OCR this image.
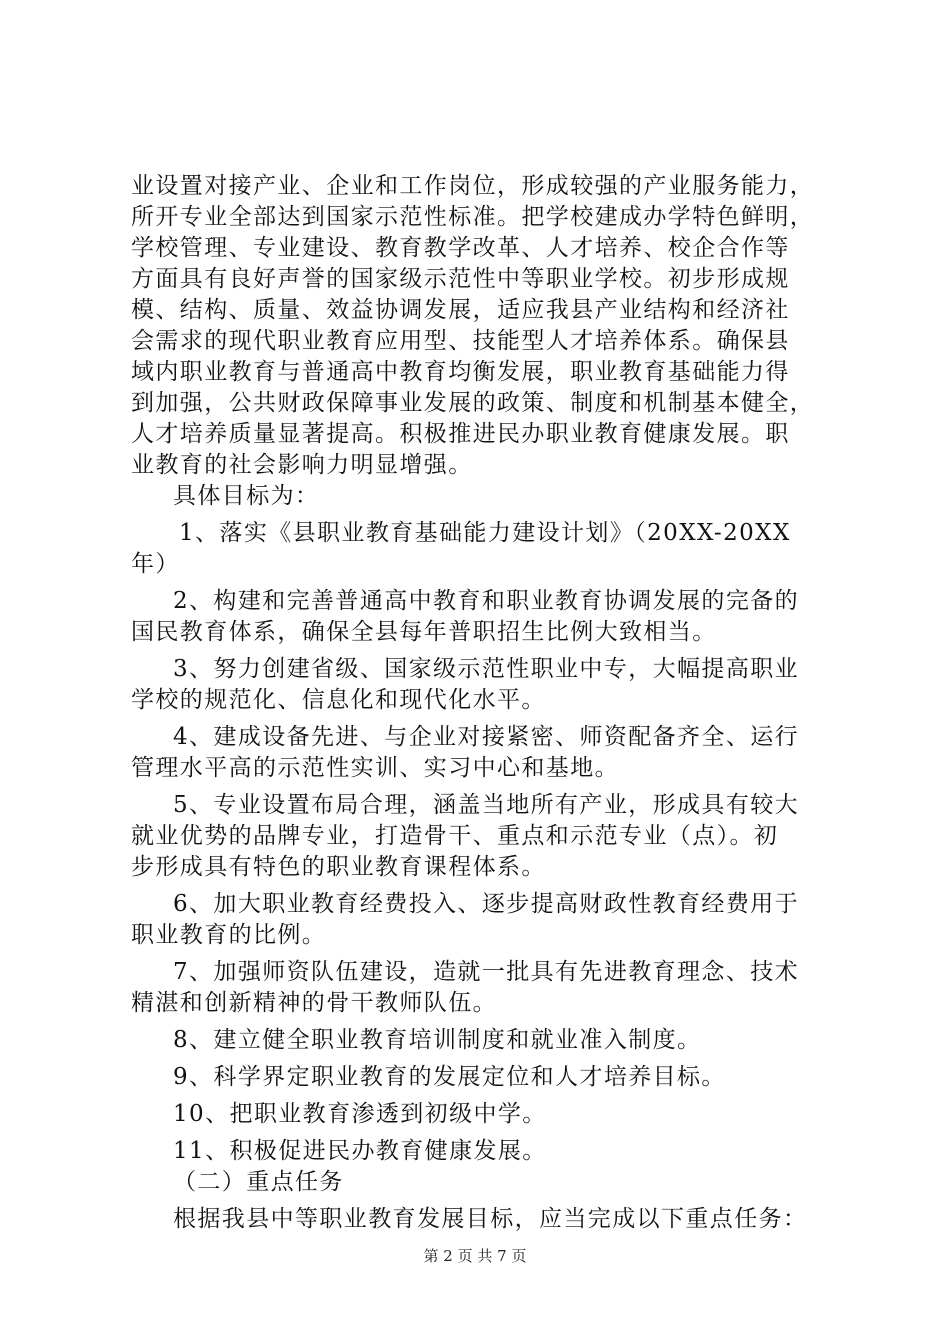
业设置对接产业、企业和工作岗位，形成较强的产业服务能力，
所开专业全部达到国家示范性标准。把学校建成办学特色鲜明，
学校管理、专业建设、教育教学改革、人才培养、校企合作等
方面具有良好声誉的国家级示范性中等职业学校。初步形成规
模、结构、质量、效益协调发展，适应我县产业结构和经济社
会需求的现代职业教育应用型、技能型人才培养体系。确保县
域内职业教育与普通高中教育均衡发展，职业教育基础能力得
到加强，公共财政保障事业发展的政策、制度和机制基本健全，
人才培养质量显著提高。积极推进民办职业教育健康发展。职
业教育的社会影响力明显增强。
具体目标为：
1、落实《县职业教育基础能力建设计划》（20XX-20XX
年）
2、构建和完善普通高中教育和职业教育协调发展的完备的
国民教育体系，确保全县每年普职招生比例大致相当。
3、努力创建省级、国家级示范性职业中专，大幅提高职业
学校的规范化、信息化和现代化水平。
4、建成设备先进、与企业对接紧密、师资配备齐全、运行
管理水平高的示范性实训、实习中心和基地。
5、专业设置布局合理，涵盖当地所有产业，形成具有较大
就业优势的品牌专业，打造骨干、重点和示范专业（点）。初
步形成具有特色的职业教育课程体系。
6、加大职业教育经费投入、逐步提高财政性教育经费用于
职业教育的比例。
7、加强师资队伍建设，造就一批具有先进教育理念、技术
精湛和创新精神的骨干教师队伍。
8、建立健全职业教育培训制度和就业准入制度。
9、科学界定职业教育的发展定位和人才培养目标。
10、把职业教育渗透到初级中学。
11、积极促进民办教育健康发展。
（二）重点任务
根据我县中等职业教育发展目标，应当完成以下重点任务：
第 2 页 共 7 页
